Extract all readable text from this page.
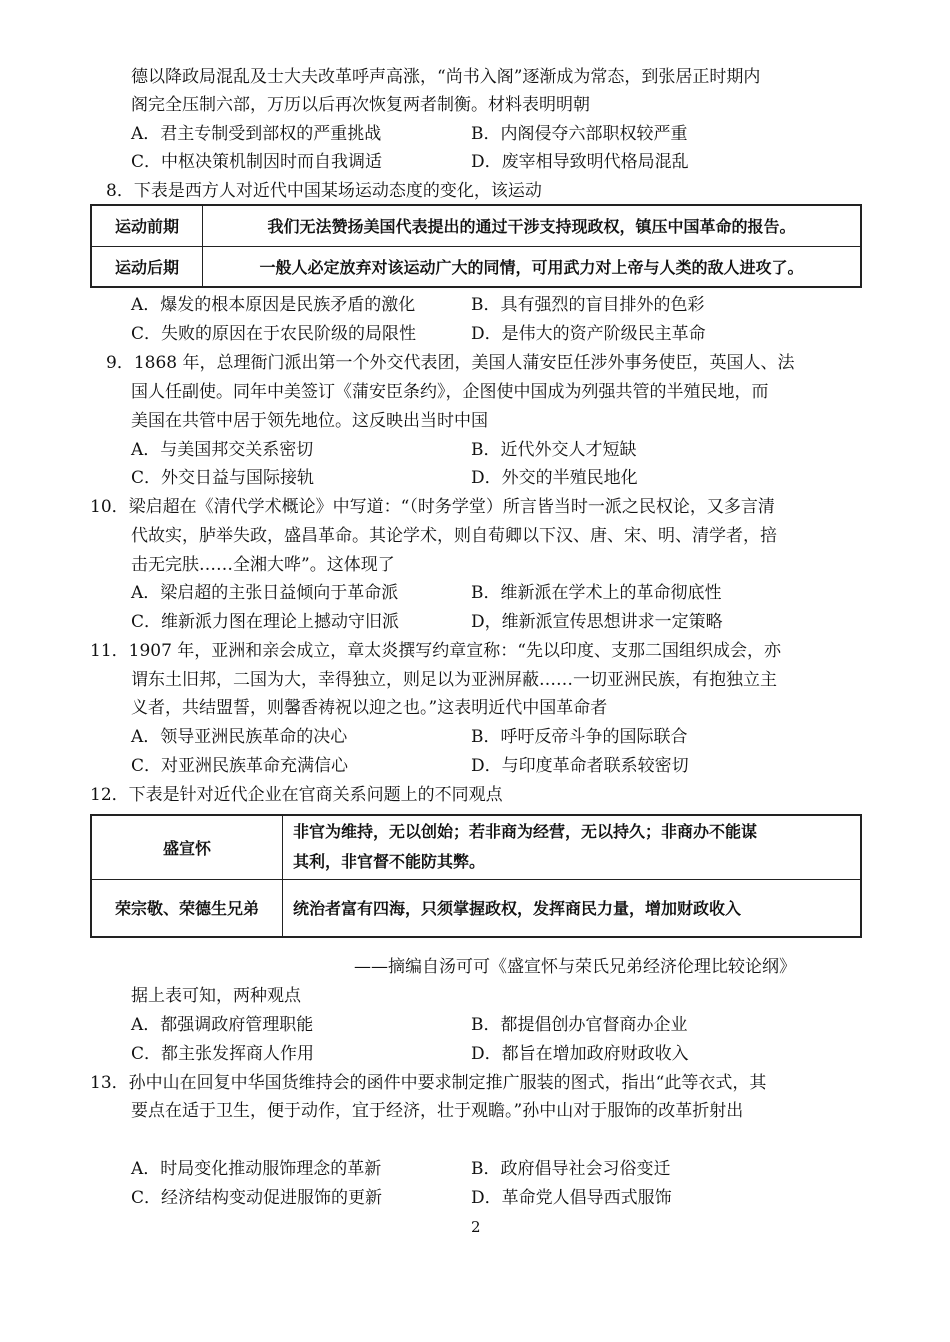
德以降政局混乱及士大夫改革呼声高涨，“尚书入阁”逐渐成为常态，到张居正时期内
阁完全压制六部，万历以后再次恢复两者制衡。材料表明明朝
A．君主专制受到部权的严重挑战	B．内阁侵夺六部职权较严重
C．中枢决策机制因时而自我调适	D．废宰相导致明代格局混乱
8．下表是西方人对近代中国某场运动态度的变化，该运动
运动前期	我们无法赞扬美国代表提出的通过干涉支持现政权，镇压中国革命的报告。
运动后期	一般人必定放弃对该运动广大的同情，可用武力对上帝与人类的敌人进攻了。
A．爆发的根本原因是民族矛盾的激化	B．具有强烈的盲目排外的色彩
C．失败的原因在于农民阶级的局限性	D．是伟大的资产阶级民主革命
9．1868 年，总理衙门派出第一个外交代表团，美国人蒲安臣任涉外事务使臣，英国人、法
国人任副使。同年中美签订《蒲安臣条约》，企图使中国成为列强共管的半殖民地，而
美国在共管中居于领先地位。这反映出当时中国
A．与美国邦交关系密切	B．近代外交人才短缺
C．外交日益与国际接轨	D．外交的半殖民地化
10．梁启超在《清代学术概论》中写道：“（时务学堂）所言皆当时一派之民权论，又多言清
代故实，胪举失政，盛昌革命。其论学术，则自荀卿以下汉、唐、宋、明、清学者，掊
击无完肤……全湘大哗”。这体现了
A．梁启超的主张日益倾向于革命派	B．维新派在学术上的革命彻底性
C．维新派力图在理论上撼动守旧派	D，维新派宣传思想讲求一定策略
11．1907 年，亚洲和亲会成立，章太炎撰写约章宣称：“先以印度、支那二国组织成会，亦
谓东土旧邦，二国为大，幸得独立，则足以为亚洲屏蔽……一切亚洲民族，有抱独立主
义者，共结盟誓，则馨香祷祝以迎之也。”这表明近代中国革命者
A．领导亚洲民族革命的决心	B．呼吁反帝斗争的国际联合
C．对亚洲民族革命充满信心	D．与印度革命者联系较密切
12．下表是针对近代企业在官商关系问题上的不同观点
盛宣怀	非官为维持，无以创始；若非商为经营，无以持久；非商办不能谋
其利，非官督不能防其弊。

荣宗敬、荣德生兄弟	统治者富有四海，只须掌握政权，发挥商民力量，增加财政收入
——摘编自汤可可《盛宣怀与荣氏兄弟经济伦理比较论纲》
据上表可知，两种观点
A．都强调政府管理职能	B．都提倡创办官督商办企业
C．都主张发挥商人作用	D．都旨在增加政府财政收入
13．孙中山在回复中华国货维持会的函件中要求制定推广服装的图式，指出“此等衣式，其
要点在适于卫生，便于动作，宜于经济，壮于观瞻。”孙中山对于服饰的改革折射出
A．时局变化推动服饰理念的革新	B．政府倡导社会习俗变迁
C．经济结构变动促进服饰的更新	D．革命党人倡导西式服饰
2
